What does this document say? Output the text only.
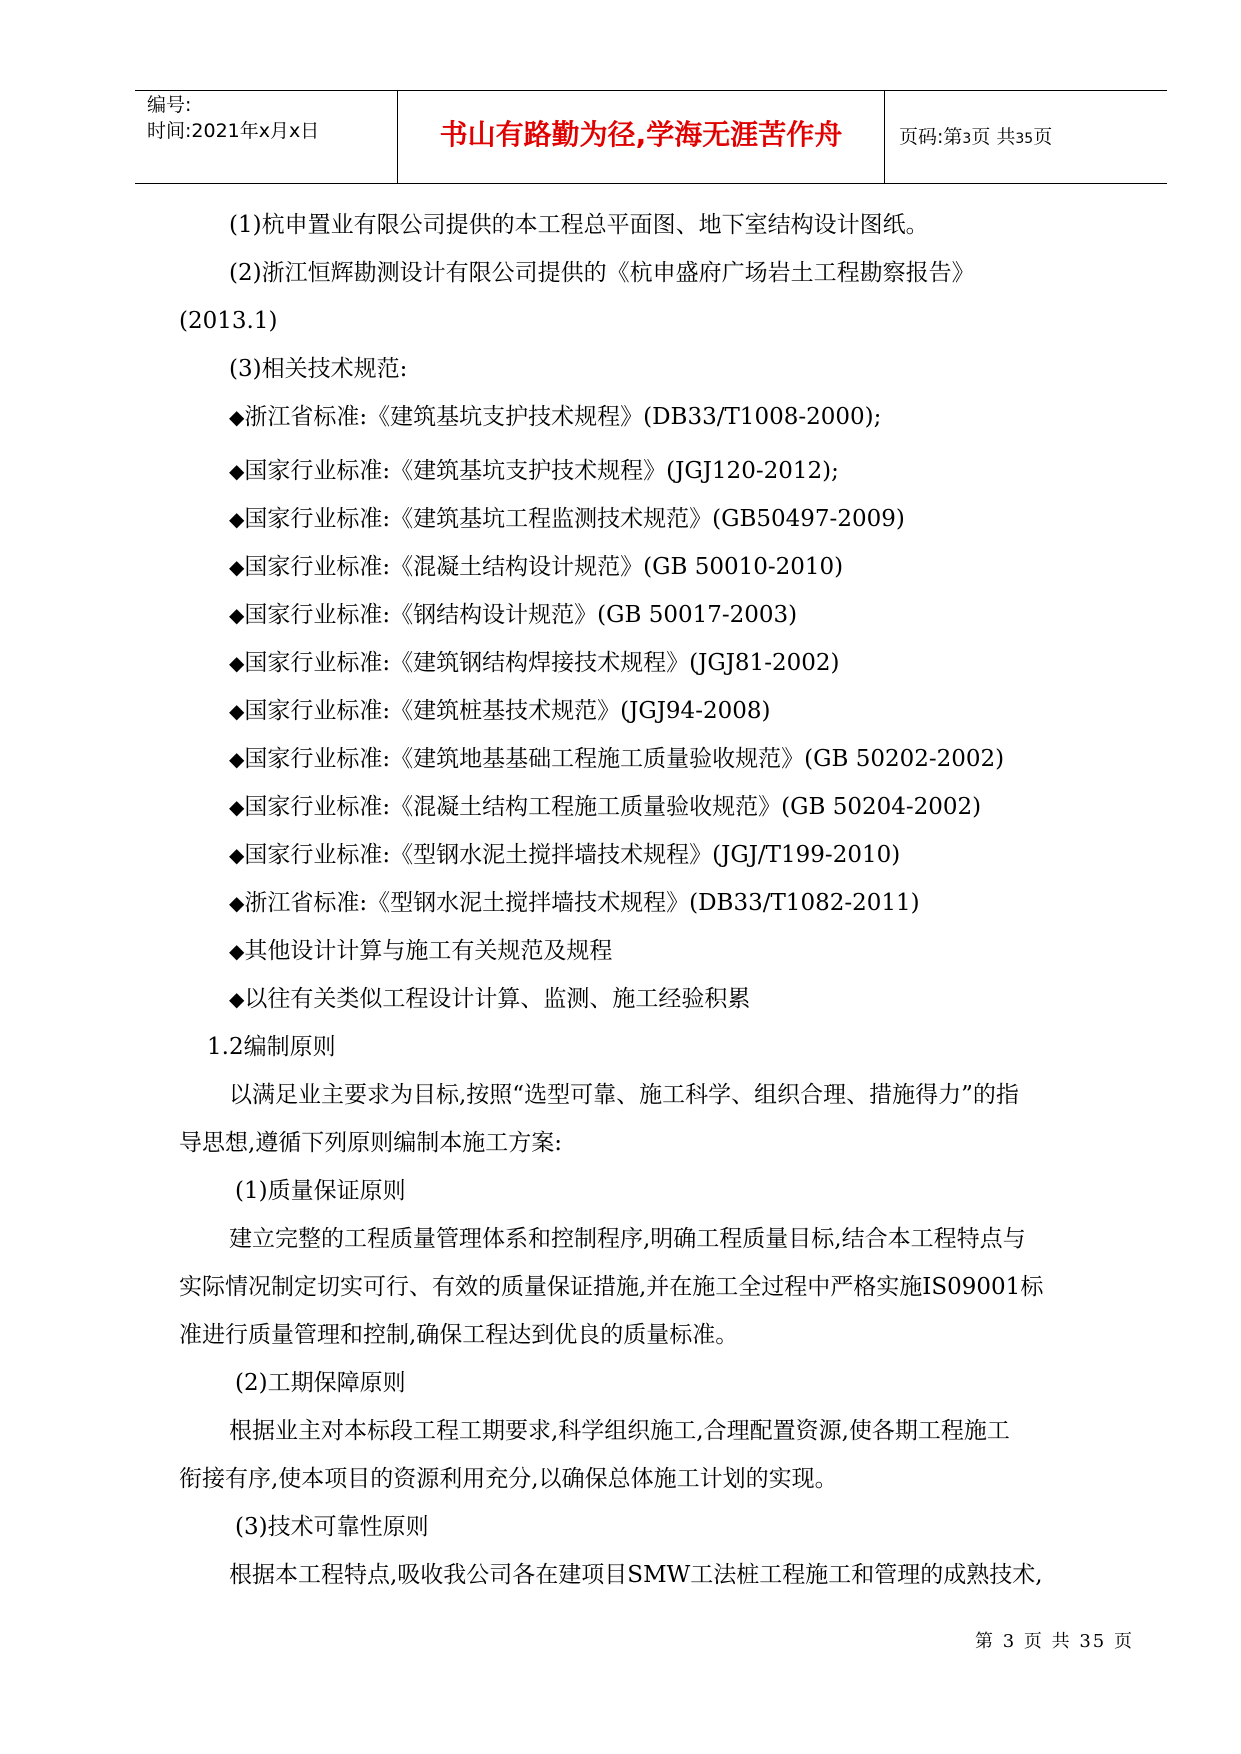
编号:
时间:2021年x月x日	书山有路勤为径,学海无涯苦作舟	页码:第3页 共35页
(1)杭申置业有限公司提供的本工程总平面图、地下室结构设计图纸。
(2)浙江恒辉勘测设计有限公司提供的《杭申盛府广场岩土工程勘察报告》
(2013.1)
(3)相关技术规范:
◆浙江省标准:《建筑基坑支护技术规程》(DB33/T1008-2000);
◆国家行业标准:《建筑基坑支护技术规程》(JGJ120-2012);
◆国家行业标准:《建筑基坑工程监测技术规范》(GB50497-2009)
◆国家行业标准:《混凝土结构设计规范》(GB 50010-2010)
◆国家行业标准:《钢结构设计规范》(GB 50017-2003)
◆国家行业标准:《建筑钢结构焊接技术规程》(JGJ81-2002)
◆国家行业标准:《建筑桩基技术规范》(JGJ94-2008)
◆国家行业标准:《建筑地基基础工程施工质量验收规范》(GB 50202-2002)
◆国家行业标准:《混凝土结构工程施工质量验收规范》(GB 50204-2002)
◆国家行业标准:《型钢水泥土搅拌墙技术规程》(JGJ/T199-2010)
◆浙江省标准:《型钢水泥土搅拌墙技术规程》(DB33/T1082-2011)
◆其他设计计算与施工有关规范及规程
◆以往有关类似工程设计计算、监测、施工经验积累
1.2编制原则
以满足业主要求为目标,按照“选型可靠、施工科学、组织合理、措施得力”的指
导思想,遵循下列原则编制本施工方案:
(1)质量保证原则
建立完整的工程质量管理体系和控制程序,明确工程质量目标,结合本工程特点与
实际情况制定切实可行、有效的质量保证措施,并在施工全过程中严格实施IS09001标
准进行质量管理和控制,确保工程达到优良的质量标准。
(2)工期保障原则
根据业主对本标段工程工期要求,科学组织施工,合理配置资源,使各期工程施工
衔接有序,使本项目的资源利用充分,以确保总体施工计划的实现。
(3)技术可靠性原则
根据本工程特点,吸收我公司各在建项目SMW工法桩工程施工和管理的成熟技术,
第 3 页 共 35 页
